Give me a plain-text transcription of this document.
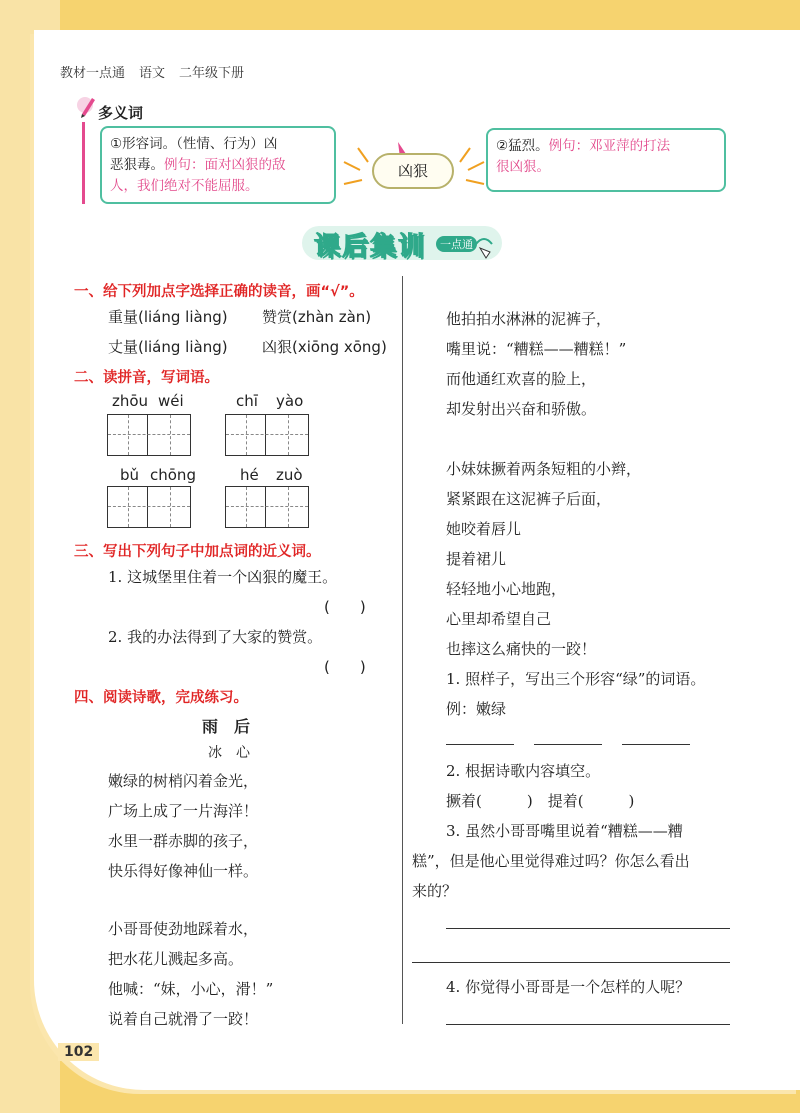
教材一点通 语文 二年级下册
多义词
①形容词。（性情、行为）凶
恶狠毒。例句：面对凶狠的敌
人，我们绝对不能屈服。
凶狠
②猛烈。例句：邓亚萍的打法
很凶狠。
课后集训	一点通
一、给下列加点字选择正确的读音，画“√”。
重量(liáng liàng) 赞赏(zhàn zàn)
丈量(liáng liàng) 凶狠(xiōng xōng)
二、读拼音，写词语。
zhōu wéi	chī yào
bǔ chōng	hé zuò
三、写出下列句子中加点词的近义词。
1. 这城堡里住着一个凶狠的魔王。
(　　)
2. 我的办法得到了大家的赞赏。
(　　)
四、阅读诗歌，完成练习。
雨　后
冰　心
嫩绿的树梢闪着金光，
广场上成了一片海洋！
水里一群赤脚的孩子，
快乐得好像神仙一样。
小哥哥使劲地踩着水，
把水花儿溅起多高。
他喊：“妹，小心，滑！”
说着自己就滑了一跤！
他拍拍水淋淋的泥裤子，
嘴里说：“糟糕——糟糕！”
而他通红欢喜的脸上，
却发射出兴奋和骄傲。
小妹妹撅着两条短粗的小辫，
紧紧跟在这泥裤子后面，
她咬着唇儿
提着裙儿
轻轻地小心地跑，
心里却希望自己
也摔这么痛快的一跤！
1. 照样子，写出三个形容“绿”的词语。
例：嫩绿
2. 根据诗歌内容填空。
撅着(　　　)　提着(　　　)
3. 虽然小哥哥嘴里说着“糟糕——糟
糕”，但是他心里觉得难过吗？你怎么看出
来的？
4. 你觉得小哥哥是一个怎样的人呢？
102
